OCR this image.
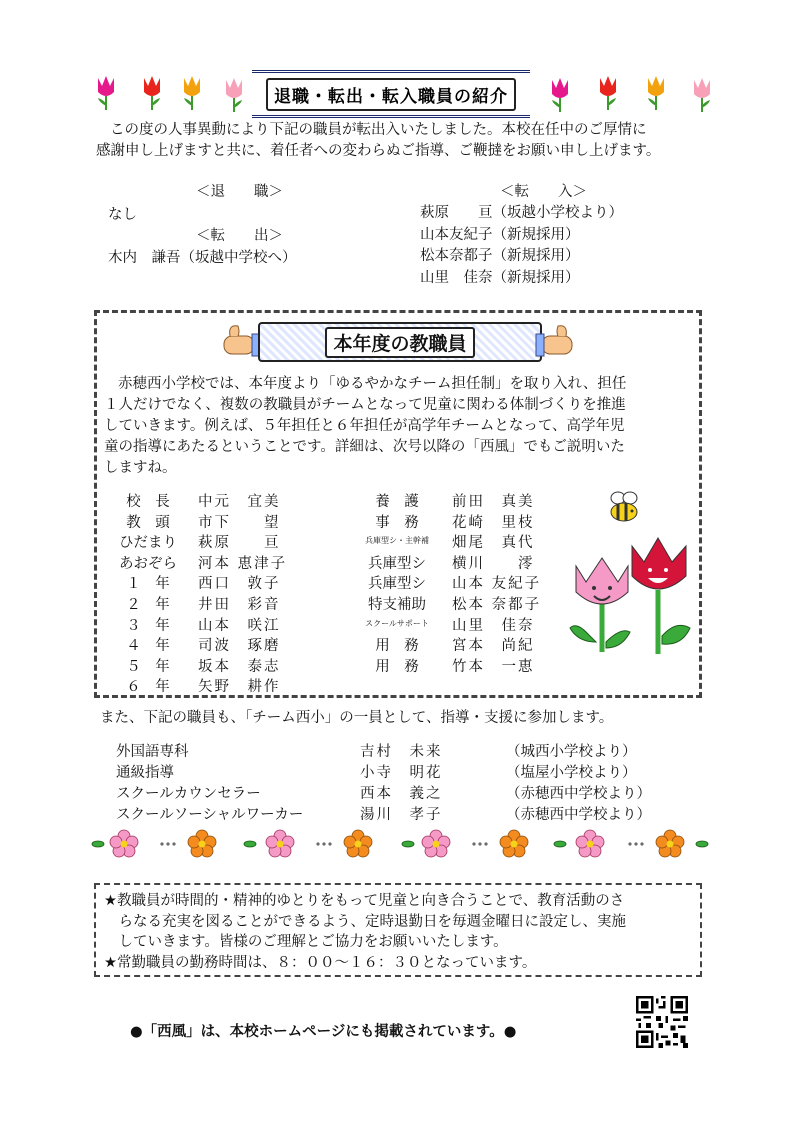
退職・転出・転入職員の紹介
この度の人事異動により下記の職員が転出入いたしました。本校在任中のご厚情に
感謝申し上げますと共に、着任者への変わらぬご指導、ご鞭撻をお願い申し上げます。
＜退　　職＞
なし
＜転　　出＞
木内　謙吾（坂越中学校へ）
＜転　　入＞
萩原　　亘（坂越小学校より）
山本友紀子（新規採用）
松本奈都子（新規採用）
山里　佳奈（新規採用）
本年度の教職員
赤穂西小学校では、本年度より「ゆるやかなチーム担任制」を取り入れ、担任
１人だけでなく、複数の教職員がチームとなって児童に関わる体制づくりを推進
していきます。例えば、５年担任と６年担任が高学年チームとなって、高学年児
童の指導にあたるということです。詳細は、次号以降の「西風」でもご説明いた
しますね。
校　長
教　頭
ひだまり
あおぞら
１　年
２　年
３　年
４　年
５　年
６　年
中元　宜美
市下　　望
萩原　　亘
河本 恵津子
西口　敦子
井田　彩音
山本　咲江
司波　琢磨
坂本　泰志
矢野　耕作
養　護
事　務
兵庫型シ・主幹補
兵庫型シ
兵庫型シ
特支補助
スクールサポート
用　務
用　務
前田　真美
花崎　里枝
畑尾　真代
横川　　澪
山本 友紀子
松本 奈都子
山里　佳奈
宮本　尚紀
竹本　一恵
また、下記の職員も、「チーム西小」の一員として、指導・支援に参加します。
外国語専科
通級指導
スクールカウンセラー
スクールソーシャルワーカー
吉村　未来
小寺　明花
西本　義之
湯川　孝子
（城西小学校より）
（塩屋小学校より）
（赤穂西中学校より）
（赤穂西中学校より）
★教職員が時間的・精神的ゆとりをもって児童と向き合うことで、教育活動のさ
　らなる充実を図ることができるよう、定時退勤日を毎週金曜日に設定し、実施
　していきます。皆様のご理解とご協力をお願いいたします。
★常勤職員の勤務時間は、８：００～１６：３０となっています。
●「西風」は、本校ホームページにも掲載されています。●
